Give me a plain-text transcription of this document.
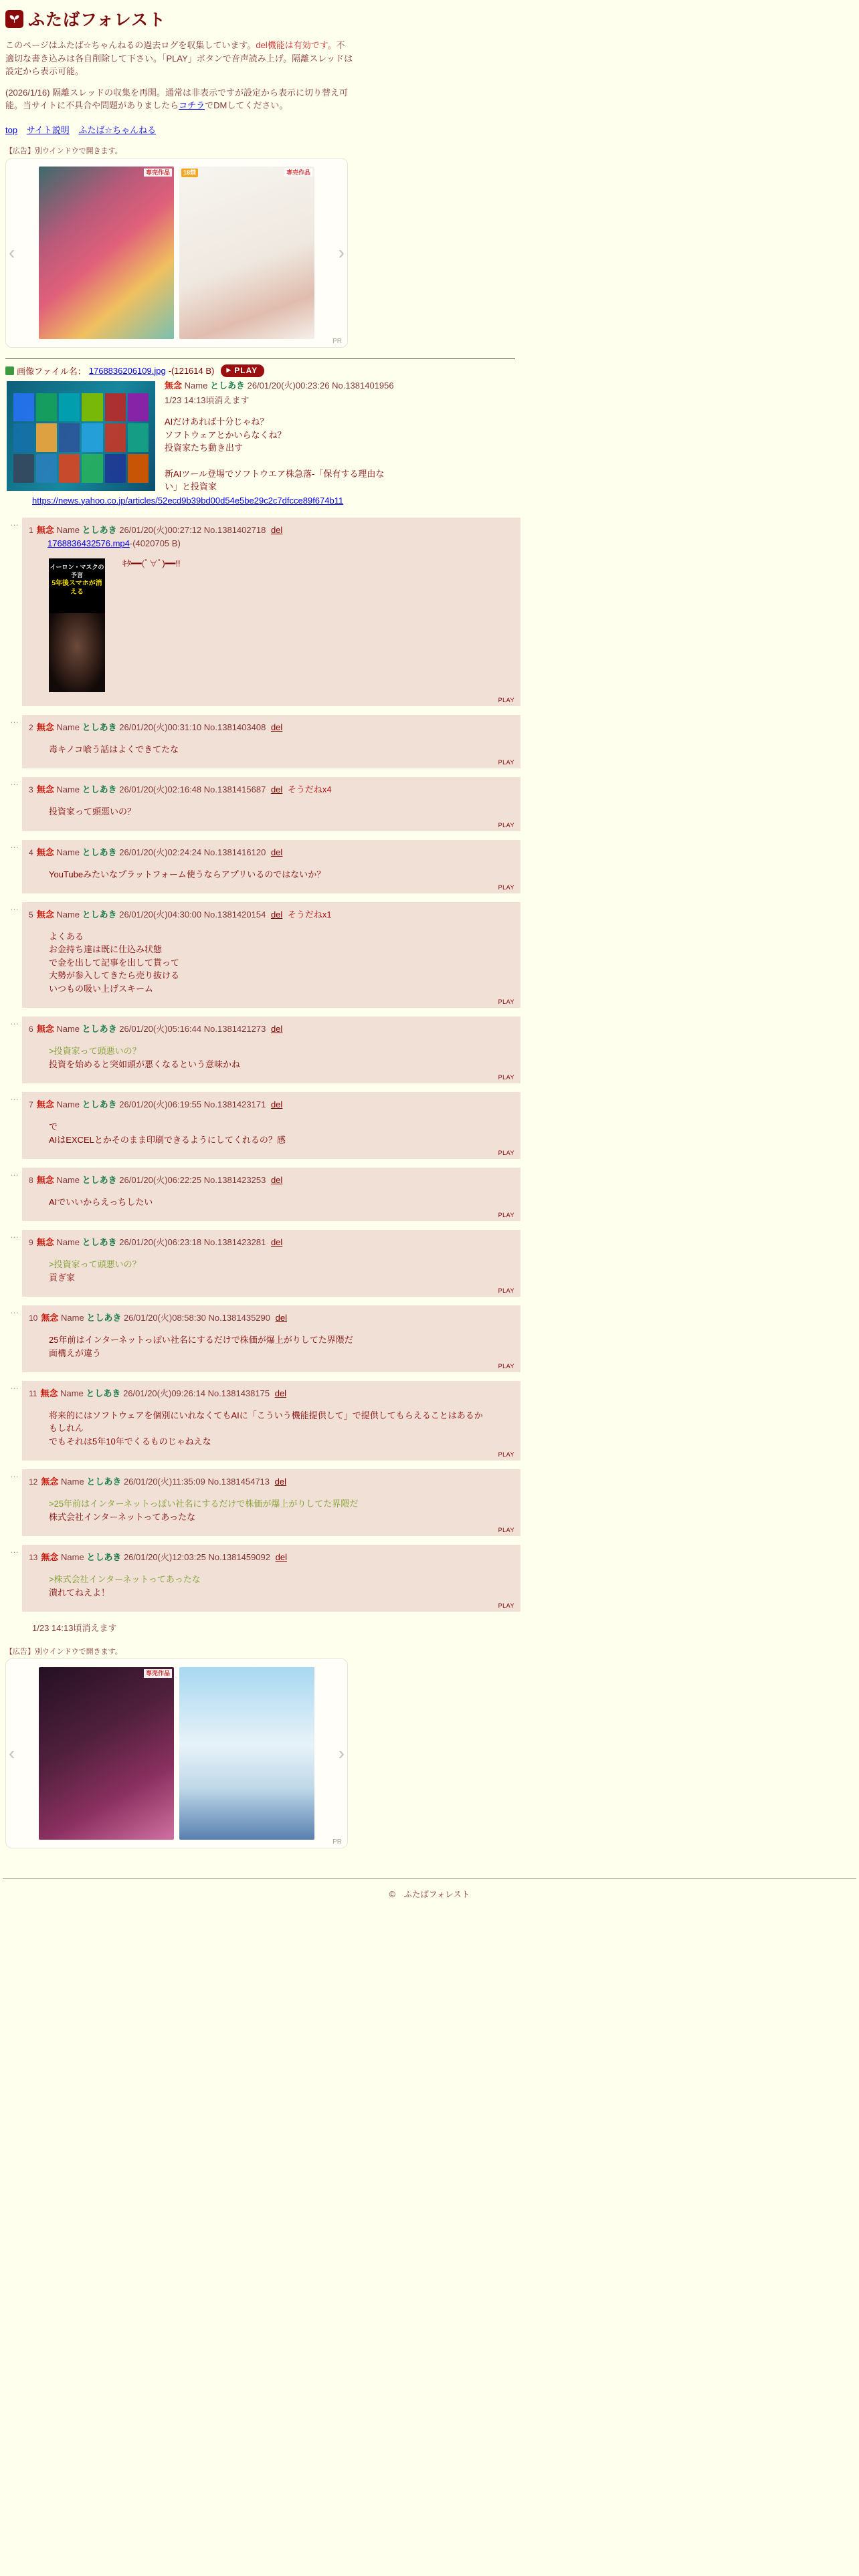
ふたばフォレスト

このページはふたば☆ちゃんねるの過去ログを収集しています。del機能は有効です。不適切な書き込みは各自削除して下さい。「PLAY」ボタンで音声読み上げ。隔離スレッドは設定から表示可能。

(2026/1/16) 隔離スレッドの収集を再開。通常は非表示ですが設定から表示に切り替え可能。当サイトに不具合や問題がありましたらコチラでDMしてください。

top サイト説明 ふたば☆ちゃんねる
【広告】別ウインドウで開きます。
‹
専売作品	18禁	専売作品
›
PR
画像ファイル名： 1768836206109.jpg -(121614 B) ▶ PLAY
無念 Name としあき 26/01/20(火)00:23:26 No.1381401956
1/23 14:13頃消えます
AIだけあれば十分じゃね？
ソフトウェアとかいらなくね？
投資家たち動き出す
新AIツール登場でソフトウエア株急落-「保有する理由ない」と投資家
https://news.yahoo.co.jp/articles/52ecd9b39bd00d54e5be29c2c7dfcce89f674b11
…
1 無念 Name としあき 26/01/20(火)00:27:12 No.1381402718 del
1768836432576.mp4-(4020705 B)
イーロン・マスクの予言
5年後スマホが消える
ｷﾀ━━(ﾟ∀ﾟ)━━!!
PLAY
…
2 無念 Name としあき 26/01/20(火)00:31:10 No.1381403408 del
毒キノコ喰う話はよくできてたな
PLAY
…
3 無念 Name としあき 26/01/20(火)02:16:48 No.1381415687 del そうだねx4
投資家って頭悪いの？
PLAY
…
4 無念 Name としあき 26/01/20(火)02:24:24 No.1381416120 del
YouTubeみたいなプラットフォーム使うならアプリいるのではないか？
PLAY
…
5 無念 Name としあき 26/01/20(火)04:30:00 No.1381420154 del そうだねx1
よくある
お金持ち達は既に仕込み状態
で金を出して記事を出して貰って
大勢が参入してきたら売り抜ける
いつもの吸い上げスキーム
PLAY
…
6 無念 Name としあき 26/01/20(火)05:16:44 No.1381421273 del
>投資家って頭悪いの？
投資を始めると突如頭が悪くなるという意味かね
PLAY
…
7 無念 Name としあき 26/01/20(火)06:19:55 No.1381423171 del
で
AIはEXCELとかそのまま印刷できるようにしてくれるの？感
PLAY
…
8 無念 Name としあき 26/01/20(火)06:22:25 No.1381423253 del
AIでいいからえっちしたい
PLAY
…
9 無念 Name としあき 26/01/20(火)06:23:18 No.1381423281 del
>投資家って頭悪いの？
貢ぎ家
PLAY
…
10 無念 Name としあき 26/01/20(火)08:58:30 No.1381435290 del
25年前はインターネットっぽい社名にするだけで株価が爆上がりしてた界隈だ
面構えが違う
PLAY
…
11 無念 Name としあき 26/01/20(火)09:26:14 No.1381438175 del
将来的にはソフトウェアを個別にいれなくてもAIに「こういう機能提供して」で提供してもらえることはあるかもしれん
でもそれは5年10年でくるものじゃねえな
PLAY
…
12 無念 Name としあき 26/01/20(火)11:35:09 No.1381454713 del
>25年前はインターネットっぽい社名にするだけで株価が爆上がりしてた界隈だ
株式会社インターネットってあったな
PLAY
…
13 無念 Name としあき 26/01/20(火)12:03:25 No.1381459092 del
>株式会社インターネットってあったな
潰れてねえよ！
PLAY
1/23 14:13頃消えます
【広告】別ウインドウで開きます。
‹
専売作品
›
PR
©　ふたばフォレスト
